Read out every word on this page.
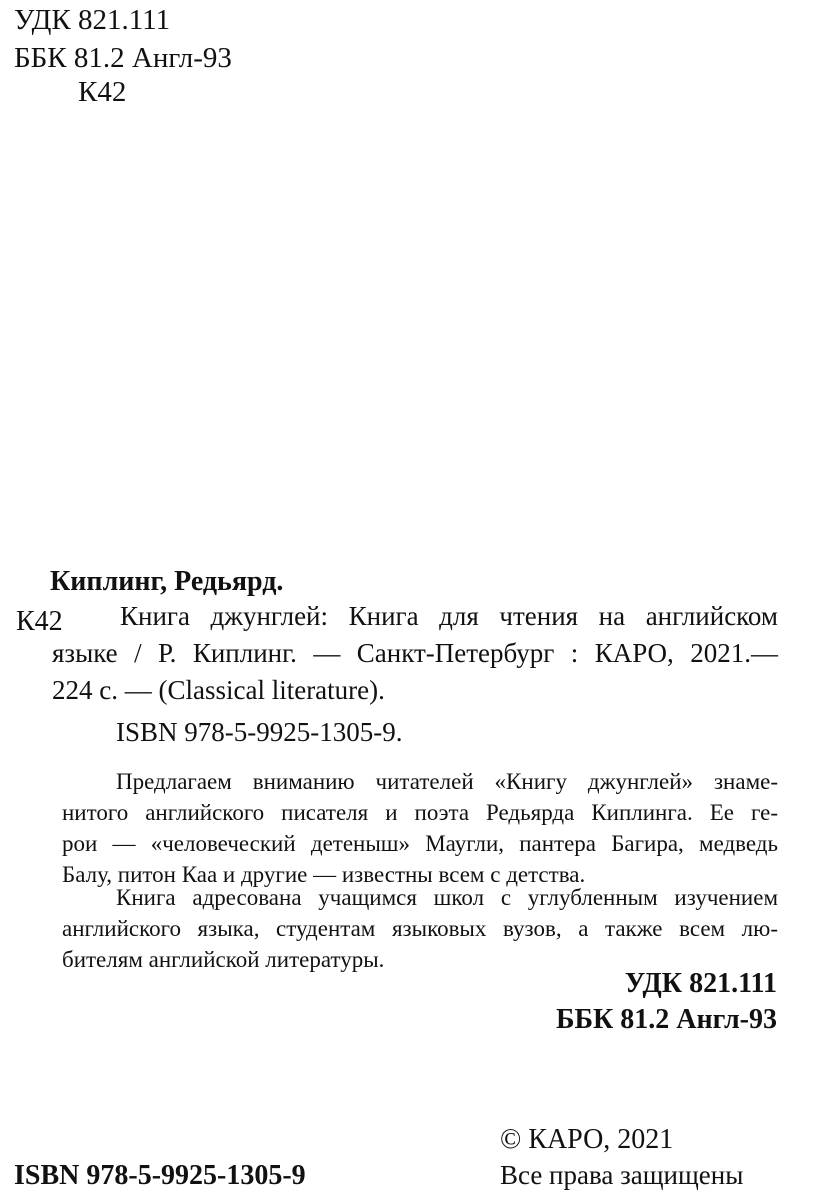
УДК 821.111
ББК 81.2 Англ-93
К42
Киплинг, Редьярд.
К42	Книга джунглей: Книга для чтения на английском
языке / Р. Киплинг. — Санкт-Петербург : КАРО, 2021.—
224 с. — (Classical literature).
ISBN 978-5-9925-1305-9.
Предлагаем вниманию читателей «Книгу джунглей» знаме-
нитого английского писателя и поэта Редьярда Киплинга. Ее ге-
рои — «человеческий детеныш» Маугли, пантера Багира, медведь
Балу, питон Каа и другие — известны всем с детства.
Книга адресована учащимся школ с углубленным изучением
английского языка, студентам языковых вузов, а также всем лю-
бителям английской литературы.
УДК 821.111
ББК 81.2 Англ-93
© КАРО, 2021
Все права защищены
ISBN 978-5-9925-1305-9
